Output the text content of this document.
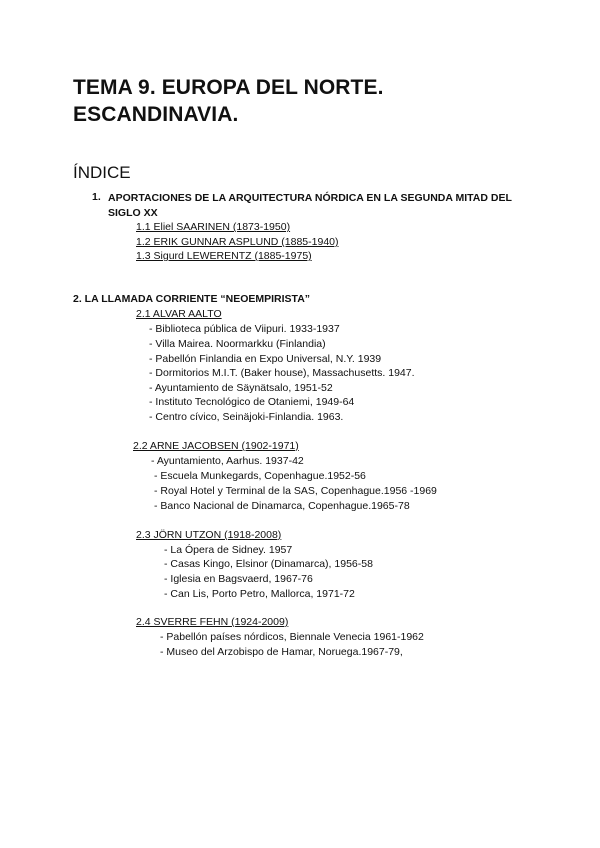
TEMA 9. EUROPA DEL NORTE.
ESCANDINAVIA.
ÍNDICE
1. APORTACIONES DE LA ARQUITECTURA NÓRDICA EN LA SEGUNDA MITAD DEL SIGLO XX
1.1 Eliel SAARINEN (1873-1950)
1.2 ERIK GUNNAR ASPLUND (1885-1940)
1.3 Sigurd LEWERENTZ (1885-1975)
2. LA LLAMADA CORRIENTE “NEOEMPIRISTA”
2.1 ALVAR AALTO
- Biblioteca pública de Viipuri. 1933-1937
- Villa Mairea. Noormarkku (Finlandia)
- Pabellón Finlandia en Expo Universal, N.Y. 1939
- Dormitorios M.I.T. (Baker house), Massachusetts. 1947.
- Ayuntamiento de Säynätsalo, 1951-52
- Instituto Tecnológico de Otaniemi, 1949-64
- Centro cívico, Seinäjoki-Finlandia. 1963.
2.2 ARNE JACOBSEN (1902-1971)
- Ayuntamiento, Aarhus. 1937-42
- Escuela Munkegards, Copenhague.1952-56
- Royal Hotel y Terminal de la SAS, Copenhague.1956 -1969
- Banco Nacional de Dinamarca, Copenhague.1965-78
2.3 JÖRN UTZON (1918-2008)
- La Ópera de Sidney. 1957
- Casas Kingo, Elsinor (Dinamarca), 1956-58
- Iglesia en Bagsvaerd, 1967-76
- Can Lis, Porto Petro, Mallorca, 1971-72
2.4 SVERRE FEHN (1924-2009)
- Pabellón países nórdicos, Biennale Venecia 1961-1962
- Museo del Arzobispo de Hamar, Noruega.1967-79,
